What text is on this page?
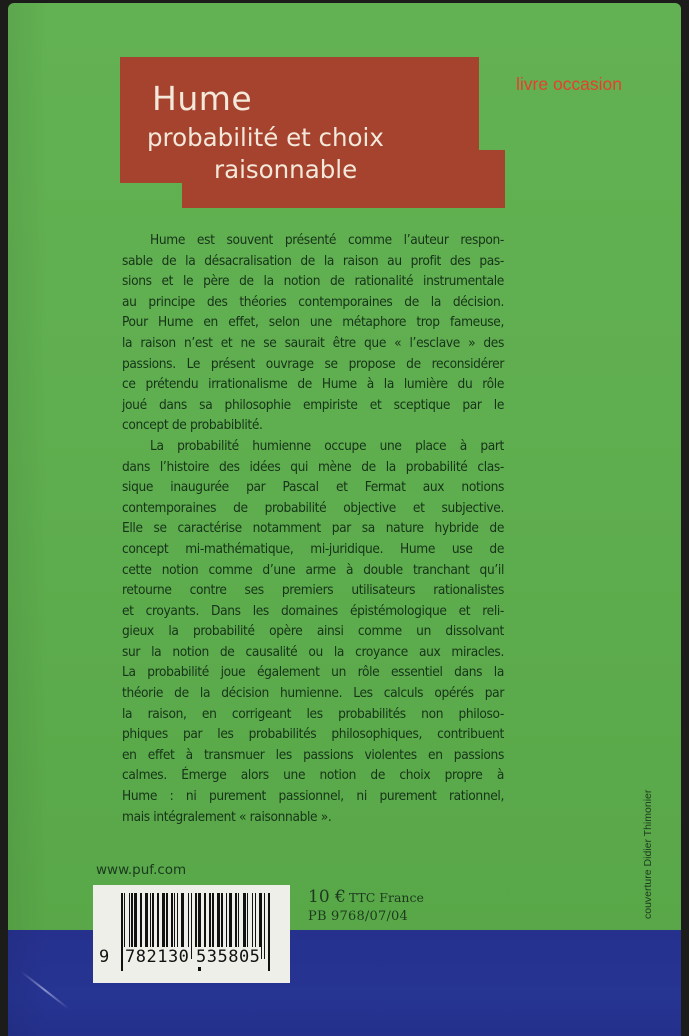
Hume
probabilité et choix
raisonnable
livre occasion
Hume est souvent présenté comme l’auteur respon-
sable de la désacralisation de la raison au profit des pas-
sions et le père de la notion de rationalité instrumentale
au principe des théories contemporaines de la décision.
Pour Hume en effet, selon une métaphore trop fameuse,
la raison n’est et ne se saurait être que « l’esclave » des
passions. Le présent ouvrage se propose de reconsidérer
ce prétendu irrationalisme de Hume à la lumière du rôle
joué dans sa philosophie empiriste et sceptique par le
concept de probabiblité.
La probabilité humienne occupe une place à part
dans l’histoire des idées qui mène de la probabilité clas-
sique inaugurée par Pascal et Fermat aux notions
contemporaines de probabilité objective et subjective.
Elle se caractérise notamment par sa nature hybride de
concept mi-mathématique, mi-juridique. Hume use de
cette notion comme d’une arme à double tranchant qu’il
retourne contre ses premiers utilisateurs rationalistes
et croyants. Dans les domaines épistémologique et reli-
gieux la probabilité opère ainsi comme un dissolvant
sur la notion de causalité ou la croyance aux miracles.
La probabilité joue également un rôle essentiel dans la
théorie de la décision humienne. Les calculs opérés par
la raison, en corrigeant les probabilités non philoso-
phiques par les probabilités philosophiques, contribuent
en effet à transmuer les passions violentes en passions
calmes. Émerge alors une notion de choix propre à
Hume : ni purement passionnel, ni purement rationnel,
mais intégralement « raisonnable ».
www.puf.com
9 782130 535805
10 € TTC France
PB 9768/07/04	couverture Didier Thimonier
